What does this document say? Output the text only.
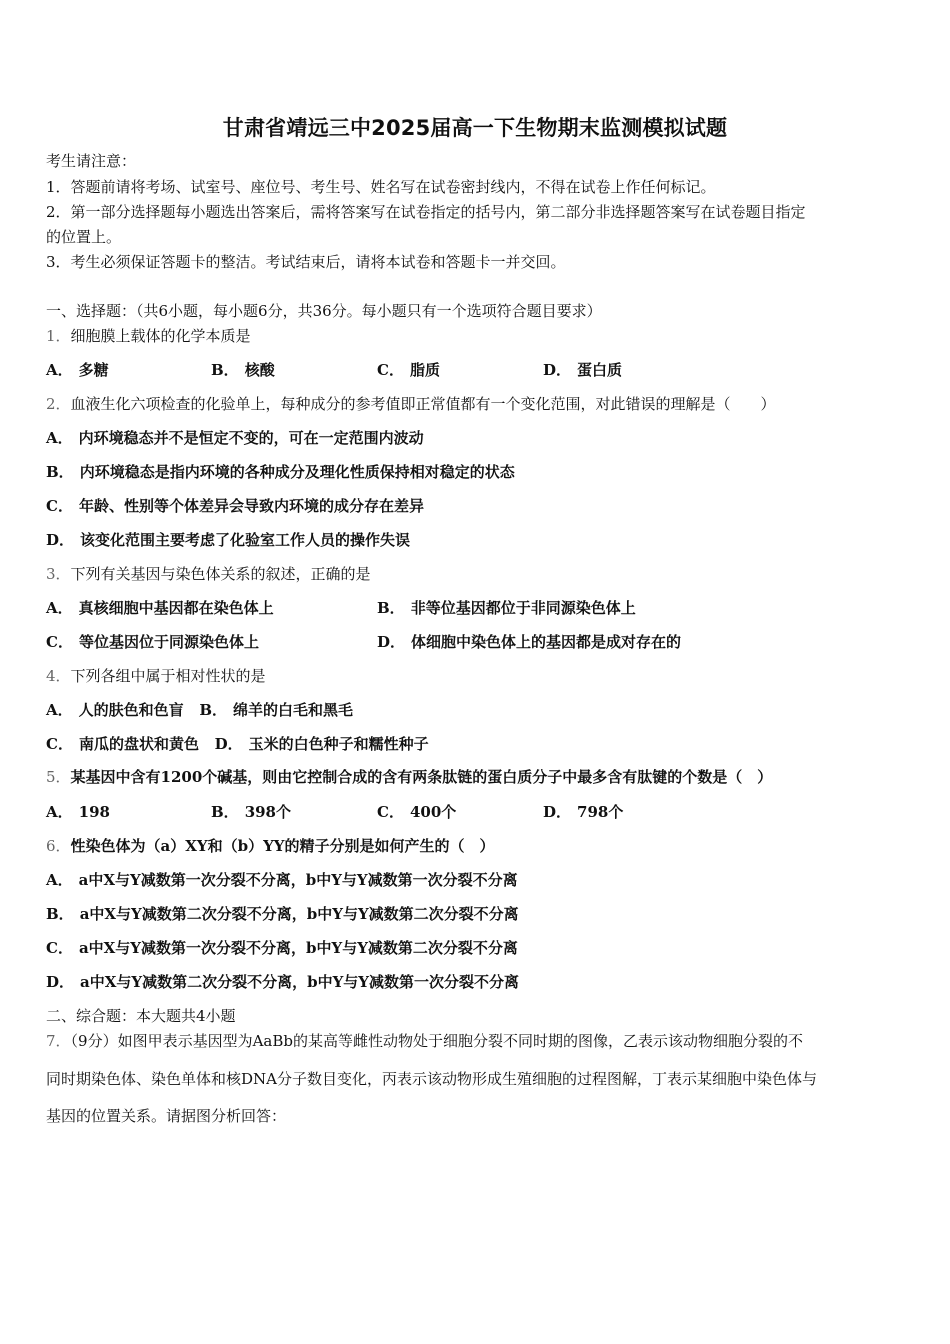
甘肃省靖远三中2025届高一下生物期末监测模拟试题
考生请注意：
1．答题前请将考场、试室号、座位号、考生号、姓名写在试卷密封线内，不得在试卷上作任何标记。
2．第一部分选择题每小题选出答案后，需将答案写在试卷指定的括号内，第二部分非选择题答案写在试卷题目指定
的位置上。
3．考生必须保证答题卡的整洁。考试结束后，请将本试卷和答题卡一并交回。
一、选择题：（共6小题，每小题6分，共36分。每小题只有一个选项符合题目要求）
1．细胞膜上载体的化学本质是
A． 多糖	B． 核酸	C． 脂质	D． 蛋白质
2．血液生化六项检查的化验单上，每种成分的参考值即正常值都有一个变化范围，对此错误的理解是（　　）
A． 内环境稳态并不是恒定不变的，可在一定范围内波动
B． 内环境稳态是指内环境的各种成分及理化性质保持相对稳定的状态
C． 年龄、性别等个体差异会导致内环境的成分存在差异
D． 该变化范围主要考虑了化验室工作人员的操作失误
3．下列有关基因与染色体关系的叙述，正确的是
A． 真核细胞中基因都在染色体上	B． 非等位基因都位于非同源染色体上
C． 等位基因位于同源染色体上	D． 体细胞中染色体上的基因都是成对存在的
4．下列各组中属于相对性状的是
A． 人的肤色和色盲 B． 绵羊的白毛和黑毛
C． 南瓜的盘状和黄色 D． 玉米的白色种子和糯性种子
5．某基因中含有1200个碱基，则由它控制合成的含有两条肽链的蛋白质分子中最多含有肽键的个数是（　）
A． 198	B． 398个	C． 400个	D． 798个
6．性染色体为（a）XY和（b）YY的精子分别是如何产生的（　）
A． a中X与Y减数第一次分裂不分离，b中Y与Y减数第一次分裂不分离
B． a中X与Y减数第二次分裂不分离，b中Y与Y减数第二次分裂不分离
C． a中X与Y减数第一次分裂不分离，b中Y与Y减数第二次分裂不分离
D． a中X与Y减数第二次分裂不分离，b中Y与Y减数第一次分裂不分离
二、综合题：本大题共4小题
7．（9分）如图甲表示基因型为AaBb的某高等雌性动物处于细胞分裂不同时期的图像，乙表示该动物细胞分裂的不
同时期染色体、染色单体和核DNA分子数目变化，丙表示该动物形成生殖细胞的过程图解，丁表示某细胞中染色体与
基因的位置关系。请据图分析回答：
